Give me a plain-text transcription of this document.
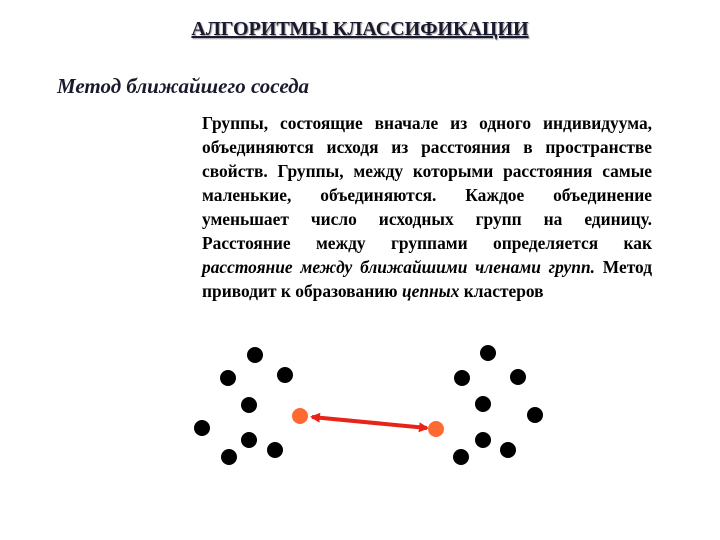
АЛГОРИТМЫ КЛАССИФИКАЦИИ
Метод ближайшего соседа
Группы, состоящие вначале из одного индивидуума, объединяются исходя из расстояния в пространстве свойств. Группы, между которыми расстояния самые маленькие, объединяются. Каждое объединение уменьшает число исходных групп на единицу. Расстояние между группами определяется как расстояние между ближайшими членами групп. Метод приводит к образованию цепных кластеров
